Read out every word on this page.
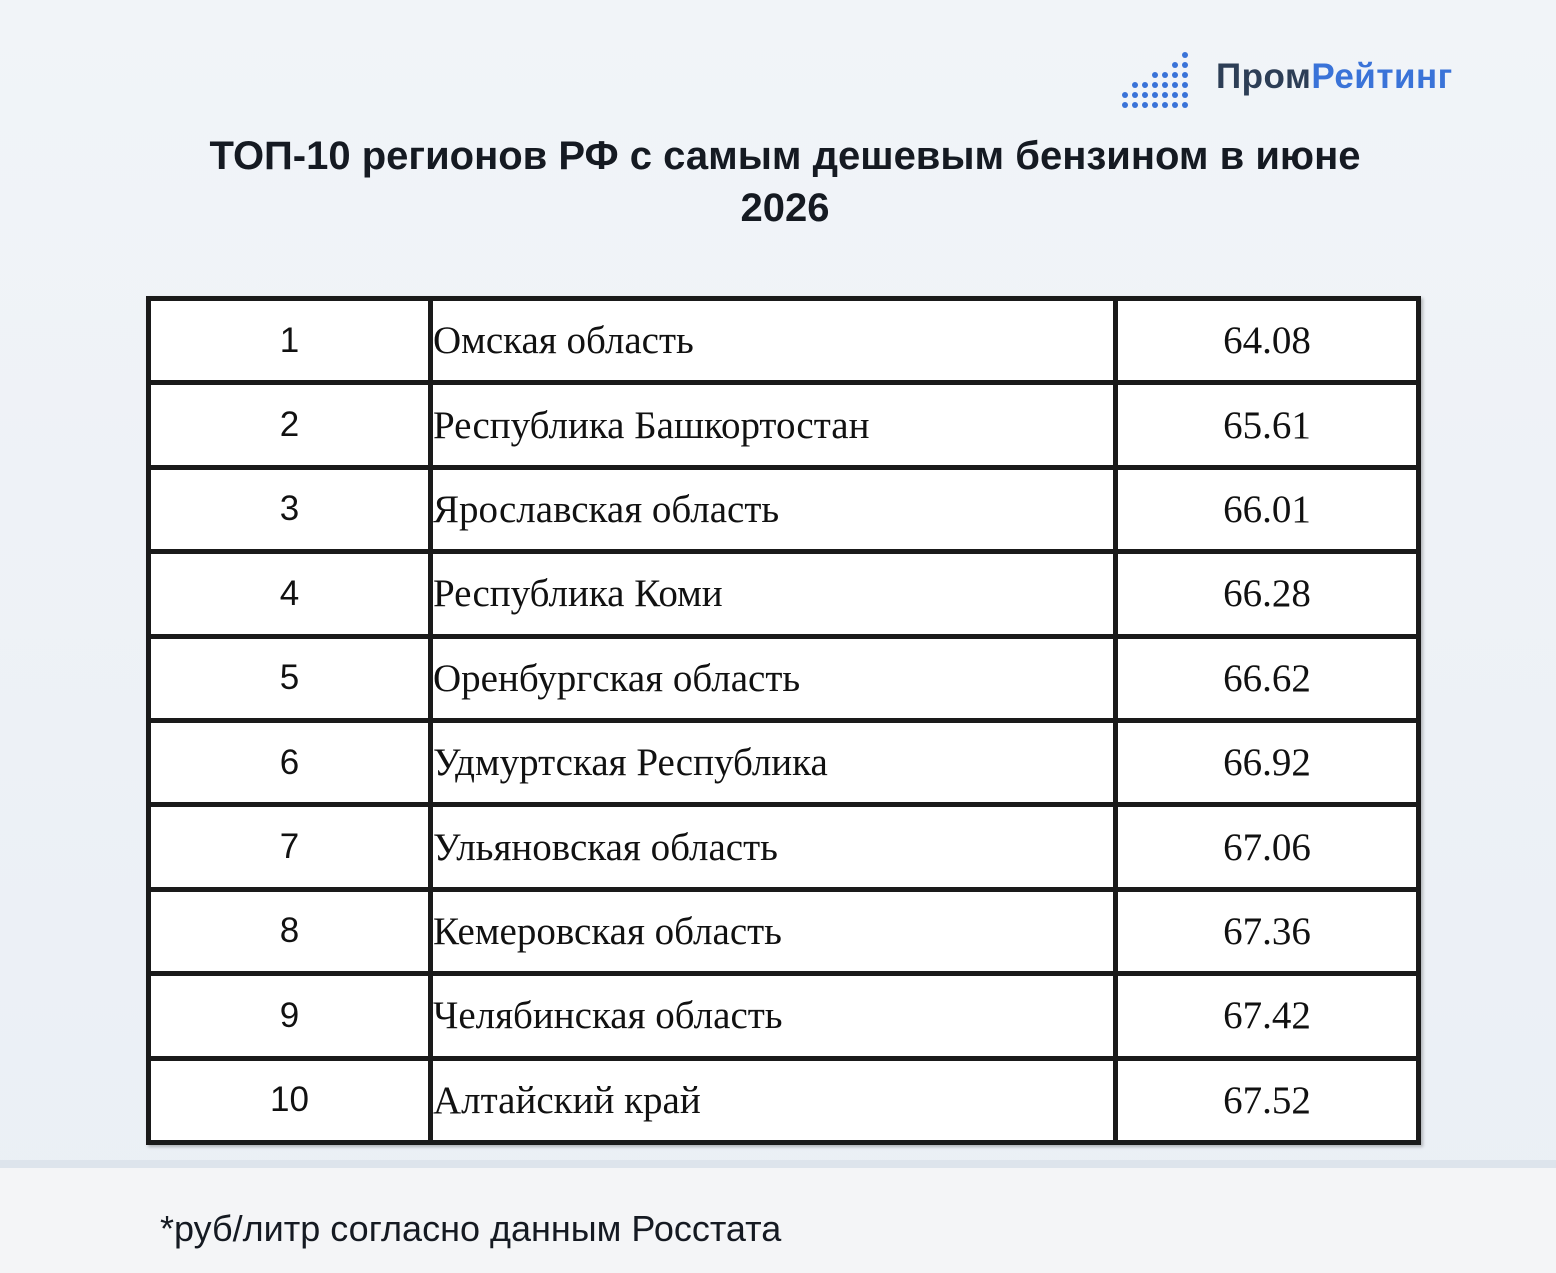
ПромРейтинг
ТОП-10 регионов РФ с самым дешевым бензином в июне 2026
1	Омская область	64.08
2	Республика Башкортостан	65.61
3	Ярославская область	66.01
4	Республика Коми	66.28
5	Оренбургская область	66.62
6	Удмуртская Республика	66.92
7	Ульяновская область	67.06
8	Кемеровская область	67.36
9	Челябинская область	67.42
10	Алтайский край	67.52
*руб/литр согласно данным Росстата
